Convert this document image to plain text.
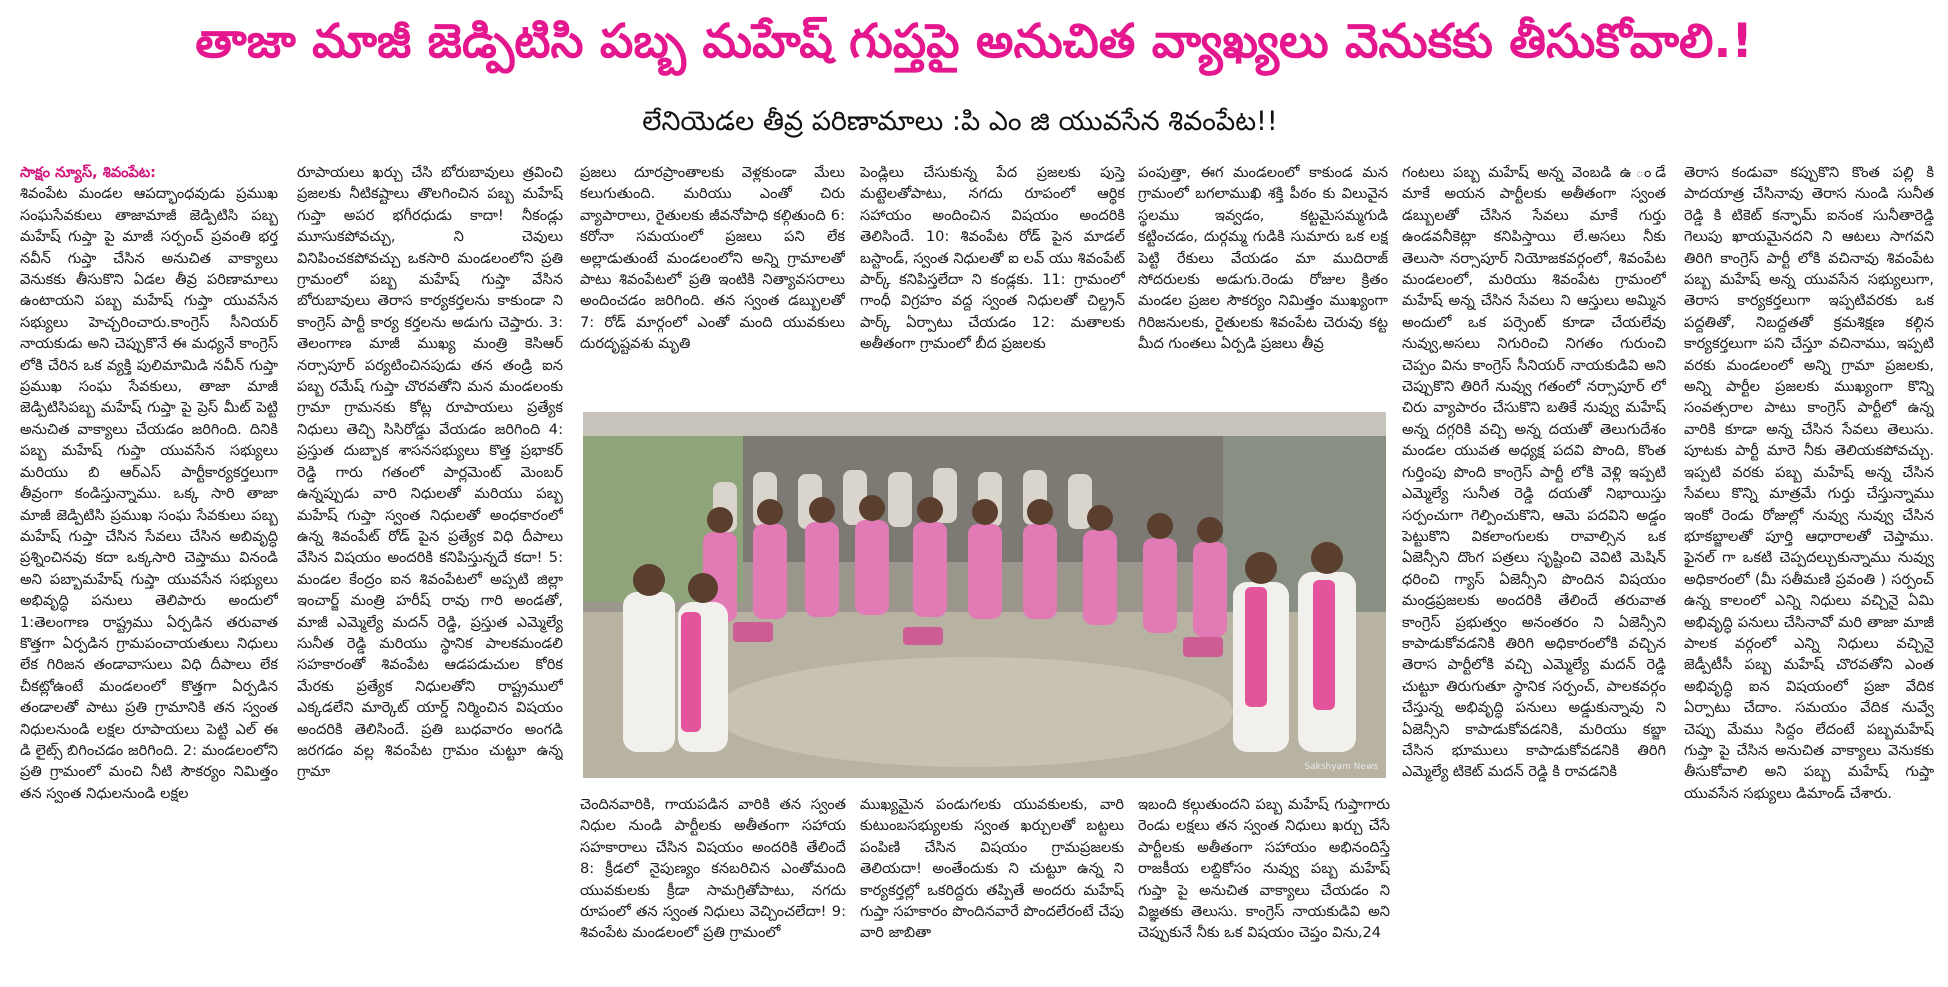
తాజా మాజీ జెడ్పిటిసి పబ్బ మహేష్ గుప్తపై అనుచిత వ్యాఖ్యలు వెనుకకు తీసుకోవాలి.!
లేనియెడల తీవ్ర పరిణామాలు :పి ఎం జి యువసేన శివంపేట!!
సాక్షం న్యూస్, శివంపేట:
శివంపేట మండల ఆపద్భాంధవుడు ప్రముఖ సంఘసేవకులు తాజామాజీ జెడ్పిటిసి పబ్బ మహేష్ గుప్తా పై మాజీ సర్పంచ్ ప్రవంతి భర్త నవీన్ గుప్తా చేసిన అనుచిత వాక్యాలు వెనుకకు తీసుకొని ఏడల తీవ్ర పరిణామాలు ఉంటాయని పబ్బ మహేష్ గుప్తా యువసేన సభ్యులు హెచ్చరించారు.కాంగ్రెస్ సీనియర్ నాయకుడు అని చెప్పుకొనే ఈ మధ్యనే కాంగ్రెస్ లోకి చేరిన ఒక వ్యక్తి పులిమామిడి నవీన్ గుప్తా ప్రముఖ సంఘ సేవకులు, తాజా మాజీ జెడ్పిటిసిపబ్బ మహేష్ గుప్తా పై ప్రెస్ మీట్ పెట్టి అనుచిత వాక్యాలు చేయడం జరిగింది. దినికి పబ్బ మహేష్ గుప్తా యువసేన సభ్యులు మరియు బి ఆర్ఎస్ పార్టీకార్యకర్తలుగా తీవ్రంగా కండిస్తున్నాము. ఒక్క సారి తాజా మాజీ జెడ్పిటిసి ప్రముఖ సంఘ సేవకులు పబ్బ మహేష్ గుప్తా చేసిన సేవలు చేసిన అబివృద్ధి ప్రశ్నించినవు కదా ఒక్కసారి చెప్తాము వినండి అని పబ్బామహేష్ గుప్తా యువసేన సభ్యులు అభివృద్ధి పనులు తెలిపారు అందులో 1:తెలంగాణ రాష్ట్రము ఏర్పడిన తరువాత కొత్తగా ఏర్పడిన గ్రామపంచాయతులు నిధులు లేక గిరిజన తండావాసులు విధి దీపాలు లేక చీకట్లోఉంటే మండలంలో కొత్తగా ఏర్పడిన తండాలతో పాటు ప్రతి గ్రామానికి తన స్వంత నిధులనుండి లక్షల రూపాయలు పెట్టి ఎల్ ఈ డి లైట్స్ బిగించడం జరిగింది. 2: మండలంలోని ప్రతి గ్రామంలో మంచి నీటి సౌకర్యం నిమిత్తం తన స్వంత నిధులనుండి లక్షల
రూపాయలు ఖర్చు చేసి బోరుబావులు త్రవించి ప్రజలకు నీటికష్టాలు తొలగించిన పబ్బ మహేష్ గుప్తా అపర భగీరధుడు కాదా! నీకండ్లు మూసుకపోవచ్చు, ని చెవులు వినిపించకపోవచ్చు ఒకసారి మండలంలోని ప్రతి గ్రామంలో పబ్బ మహేష్ గుప్తా వేసిన బోరుబావులు తెరాస కార్యకర్తలను కాకుండా ని కాంగ్రెస్ పార్టీ కార్య కర్తలను అడుగు చెప్తారు. 3: తెలంగాణ మాజీ ముఖ్య మంత్రి కెసిఆర్ నర్సాపూర్ పర్యటించినపుడు తన తండ్రి ఐన పబ్బ రమేష్ గుప్తా చొరవతోని మన మండలంకు గ్రామా గ్రామనకు కోట్ల రూపాయలు ప్రత్యేక నిధులు తెచ్చి సిసిరోడ్డు వేయడం జరిగింది 4: ప్రస్తుత దుబ్బాక శాసనసభ్యులు కొత్త ప్రభాకర్ రెడ్డి గారు గతంలో పార్లమెంట్ మెంబర్ ఉన్నప్పుడు వారి నిధులతో మరియు పబ్బ మహేష్ గుప్తా స్వంత నిధులతో అంధకారంలో ఉన్న శివంపేట్ రోడ్ పైన ప్రత్యేక విధి దీపాలు వేసిన విషయం అందరికి కనిపిస్తున్నదే కదా! 5: మండల కేంద్రం ఐన శివంపేటలో అప్పటి జిల్లా ఇంచార్జ్ మంత్రి హరీష్ రావు గారి అండతో, మాజీ ఎమ్మెల్యే మదన్ రెడ్డి, ప్రస్తుత ఎమ్మెల్యే సునీత రెడ్డి మరియు స్థానిక పాలకమండలి సహకారంతో శివంపేట ఆడపడుచుల కోరిక మేరకు ప్రత్యేక నిధులతోని రాష్ట్రములో ఎక్కడలేని మార్కెట్ యార్డ్ నిర్మించిన విషయం అందరికి తెలిసిందే. ప్రతి బుధవారం అంగడి జరగడం వల్ల శివంపేట గ్రామం చుట్టూ ఉన్న గ్రామా
ప్రజలు దూరప్రాంతాలకు వెళ్లకుండా మేలు కలుగుతుంది. మరియు ఎంతో చిరు వ్యాపారాలు, రైతులకు జీవనోపాధి కల్గితుంది 6: కరోనా సమయంలో ప్రజలు పని లేక అల్లాడుతుంటే మండలంలోని అన్ని గ్రామాలతో పాటు శివంపేటలో ప్రతి ఇంటికి నిత్యావసరాలు అందించడం జరిగింది. తన స్వంత డబ్బులతో 7: రోడ్ మార్గంలో ఎంతో మంది యువకులు దురదృష్టవశు మృతి
పెండ్లిలు చేసుకున్న పేద ప్రజలకు పుస్తె మట్టెలతోపాటు, నగదు రూపంలో ఆర్థిక సహాయం అందించిన విషయం అందరికి తెలిసిందే. 10: శివంపేట రోడ్ పైన మాడల్ బస్టాండ్, స్వంత నిధులతో ఐ లవ్ యు శివంపేట్ పార్క్ కనిపిస్తలేదా ని కండ్లకు. 11: గ్రామంలో గాంధీ విగ్రహం వద్ద స్వంత నిధులతో చిల్డ్రన్ పార్క్ ఏర్పాటు చేయడం 12: మతాలకు అతీతంగా గ్రామంలో బీద ప్రజలకు
పంపుత్తా, ఈగ మండలంలో కాకుండ మన గ్రామంలో బగలాముఖి శక్తి పీఠం కు విలువైన స్థలము ఇవ్వడం, కట్టమైసమ్మగుడి కట్టించడం, దుర్గమ్మ గుడికి సుమారు ఒక లక్ష పెట్టి రేకులు వేయడం మా ముదిరాజ్ సోదరులకు అడుగు.రెండు రోజుల క్రితం మండల ప్రజల సౌకర్యం నిమిత్తం ముఖ్యంగా గిరిజనులకు, రైతులకు శివంపేట చెరువు కట్ట మీద గుంతలు ఏర్పడి ప్రజలు తీవ్ర
గంటలు పబ్బ మహేష్ అన్న వెంబడి ఉ ండే మాకే అయన పార్టీలకు అతీతంగా స్వంత డబ్బులతో చేసిన సేవలు మాకే గుర్తు ఉండవనీకెట్లా కనిపిస్తాయి లే.అసలు నీకు తెలుసా నర్సాపూర్ నియోజకవర్గంలో, శివంపేట మండలంలో, మరియు శివంపేట గ్రామంలో మహేష్ అన్న చేసిన సేవలు ని ఆస్తులు అమ్మిన అందులో ఒక పర్సెంట్ కూడా చేయలేవు నువ్వు,అసలు నిగురించి నిగతం గురుంచి చెప్పం విను కాంగ్రెస్ సీనియర్ నాయకుడివి అని చెప్పుకొని తిరిగే నువ్వు గతంలో నర్సాపూర్ లో చిరు వ్యాపారం చేసుకొని బతికే నువ్వు మహేష్ అన్న దగ్గరికి వచ్చి అన్న దయతో తెలుగుదేశం మండల యువత అధ్యక్ష పదవి పొంది, కొంత గుర్తింపు పొంది కాంగ్రెస్ పార్టీ లోకి వెళ్లి ఇప్పటి ఎమ్మెల్యే సునీత రెడ్డి దయతో నిభాయిస్తు సర్పంచుగా గెల్పించుకొని, ఆమె పదవిని అడ్డం పెట్టుకొని వికలాంగులకు రావాల్సిన ఒక ఏజెన్సీని దొంగ పత్రలు సృష్టించి వెవిటి మెషిన్ ధరించి గ్యాస్ ఏజెన్సీని పొందిన విషయం మండ్రప్రజలకు అందరికి తేలిందే తరువాత కాంగ్రెస్ ప్రభుత్వం అనంతరం ని ఏజెన్సీని కాపాడుకోవడనికి తిరిగి అధికారంలోకి వచ్చిన తెరాస పార్టీలోకి వచ్చి ఎమ్మెల్యే మదన్ రెడ్డి చుట్టూ తిరుగుతూ స్థానిక సర్పంచ్, పాలకవర్గం చేస్తున్న అభివృద్ధి పనులు అడ్డుకున్నావు ని ఏజెన్సీని కాపాడుకోవడనికి, మరియు కబ్జా చేసిన భూములు కాపాడుకోవడనికి తిరిగి ఎమ్మెల్యే టికెట్ మదన్ రెడ్డి కి రావడనికి
తెరాస కండువా కప్పుకొని కొంత పల్లి కి పాదయాత్ర చేసినావు తెరాస నుండి సునీత రెడ్డి కి టికెట్ కన్ఫామ్ ఐనంక సునీతారెడ్డి గెలుపు ఖాయమైనదని ని ఆటలు సాగవని తిరిగి కాంగ్రెస్ పార్టీ లోకి వచినావు శివంపేట పబ్బ మహేష్ అన్న యువసేన సభ్యులుగా, తెరాస కార్యకర్తలుగా ఇప్పటివరకు ఒక పద్దతితో, నిబద్దతతో క్రమశిక్షణ కల్గిన కార్యకర్తలుగా పని చేస్తూ వచినాము, ఇప్పటి వరకు మండలంలో అన్ని గ్రామా ప్రజలకు, అన్ని పార్టీల ప్రజలకు ముఖ్యంగా కొన్ని సంవత్సరాల పాటు కాంగ్రెస్ పార్టీలో ఉన్న వారికి కూడా అన్న చేసిన సేవలు తెలుసు. పూటకు పార్టీ మారె నీకు తెలియకపోవచ్చు. ఇప్పటి వరకు పబ్బ మహేష్ అన్న చేసిన సేవలు కొన్ని మాత్రమే గుర్తు చేస్తున్నాము ఇంకో రెండు రోజుల్లో నువ్వు నువ్వు చేసిన భూకబ్జాలతో పూర్తి ఆధారాలతో చెప్తాము. ఫైనల్ గా ఒకటి చెప్పదల్చుకున్నాము నువ్వు అధికారంలో (మీ సతీమణి ప్రవంతి ) సర్పంచ్ ఉన్న కాలంలో ఎన్ని నిధులు వచ్చినై ఏమి అభివృద్ధి పనులు చేసినావో మరి తాజా మాజీ పాలక వర్గంలో ఎన్ని నిధులు వచ్చినై జెడ్పీటీసీ పబ్బ మహేష్ చొరవతోని ఎంత అభివృద్ధి ఐన విషయంలో ప్రజా వేదిక ఏర్పాటు చేదాం. సమయం వేదిక నువ్వే చెప్పు మేము సిద్దం లేదంటే పబ్బమహేష్ గుప్తా పై చేసిన అనుచిత వాక్యాలు వెనుకకు తీసుకోవాలి అని పబ్బ మహేష్ గుప్తా యువసేన సభ్యులు డిమాండ్ చేశారు.
చెందినవారికి, గాయపడిన వారికి తన స్వంత నిధుల నుండి పార్టీలకు అతీతంగా సహాయ సహకారాలు చేసిన విషయం అందరికి తేలిందే 8: క్రీడలో నైపుణ్యం కనబరిచిన ఎంతోమంది యువకులకు క్రీడా సామగ్రితోపాటు, నగదు రూపంలో తన స్వంత నిధులు వెచ్చించలేదా! 9: శివంపేట మండలంలో ప్రతి గ్రామంలో
ముఖ్యమైన పండుగలకు యువకులకు, వారి కుటుంబసభ్యులకు స్వంత ఖర్చులతో బట్టలు పంపిణి చేసిన విషయం గ్రామప్రజలకు తెలియదా! అంతేందుకు ని చుట్టూ ఉన్న ని కార్యకర్తల్లో ఒకరిద్దరు తప్పితే అందరు మహేష్ గుప్తా సహకారం పొందినవారే పొందలేరంటే చేపు వారి జాబితా
ఇబంది కల్గుతుందని పబ్బ మహేష్ గుప్తాగారు రెండు లక్షలు తన స్వంత నిధులు ఖర్చు చేసే పార్టీలకు అతీతంగా సహాయం అభినందిస్తే రాజకీయ లబ్దికోసం నువ్వు పబ్బ మహేష్ గుప్తా పై అనుచిత వాక్యాలు చేయడం ని విజ్ఞతకు తెలుసు. కాంగ్రెస్ నాయకుడివి అని చెప్పుకునే నీకు ఒక విషయం చెప్తం విను,24
Sakshyam News
